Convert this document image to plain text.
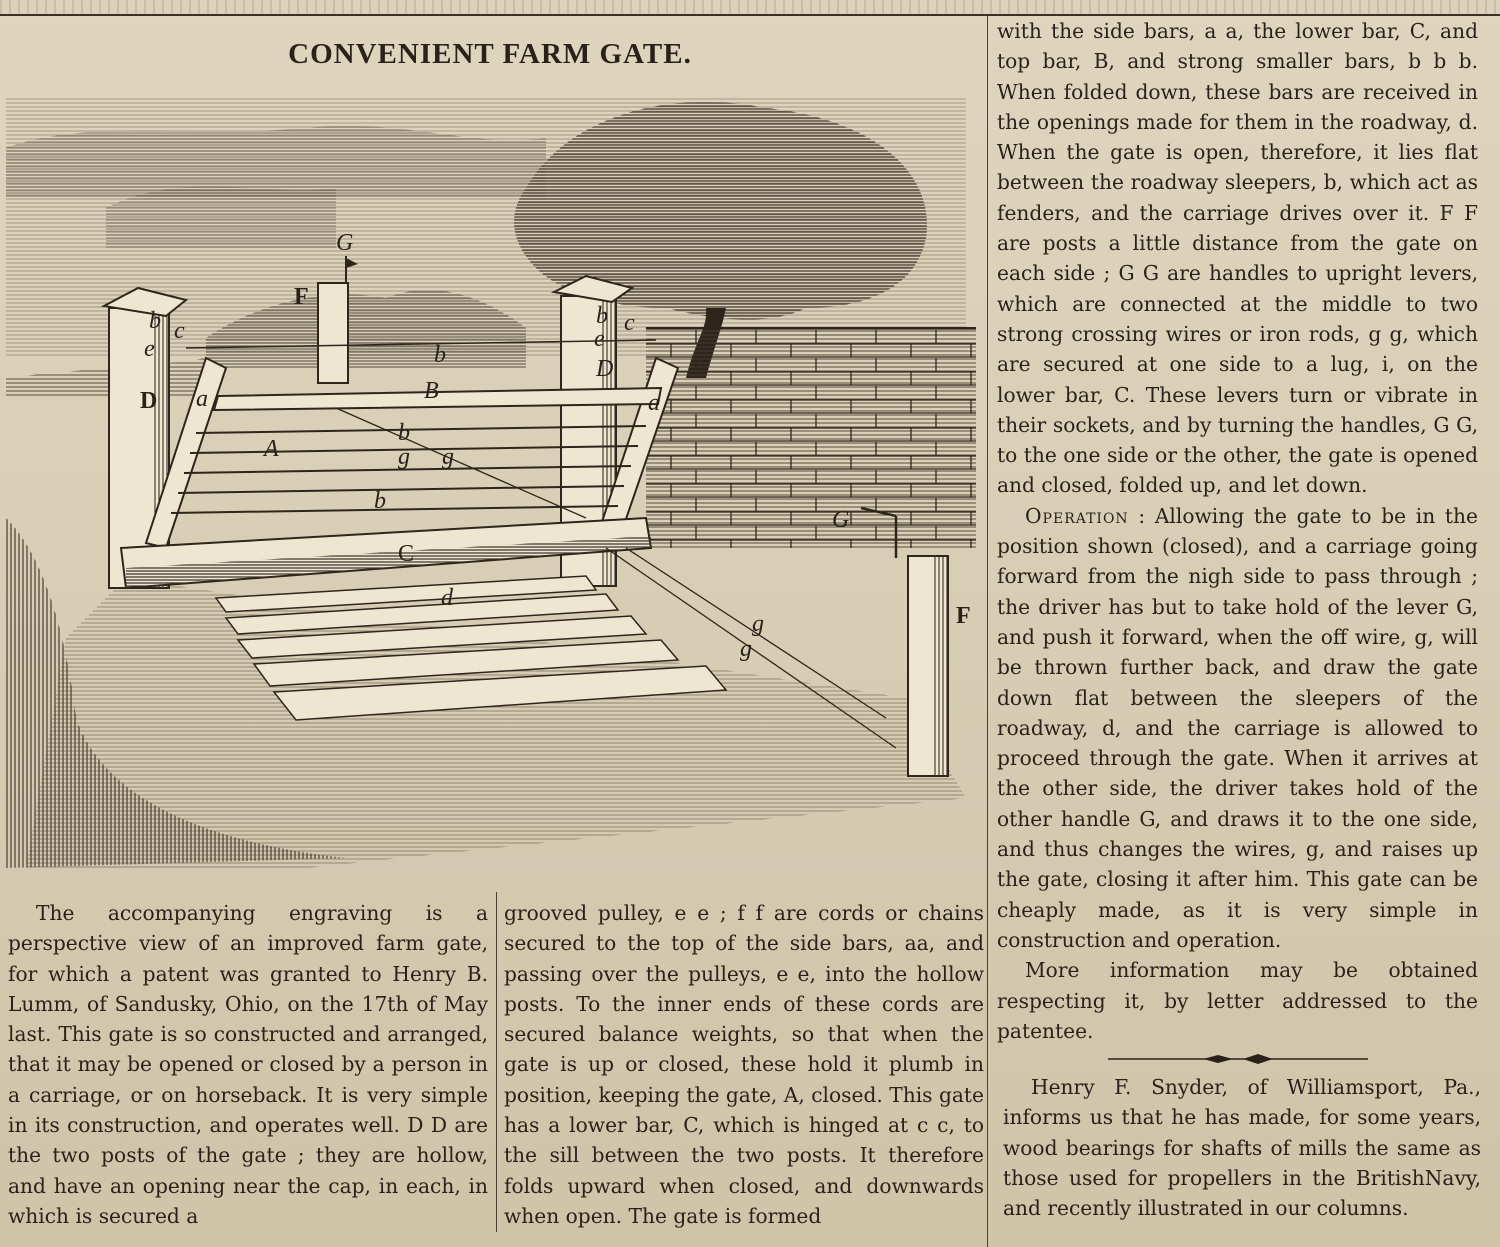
CONVENIENT FARM GATE.
G
F
b c
e
D
b c
e
D
b
B
a	a
A
b
g g
b
C
d
G
g
g
F

The accompanying engraving is a perspective view of an improved farm gate, for which a patent was granted to Henry B. Lumm, of Sandusky, Ohio, on the 17th of May last. This gate is so constructed and arranged, that it may be opened or closed by a person in a carriage, or on horseback. It is very simple in its construction, and operates well. D D are the two posts of the gate ; they are hollow, and have an opening near the cap, in each, in which is secured a

grooved pulley, e e ; f f are cords or chains secured to the top of the side bars, aa, and passing over the pulleys, e e, into the hollow posts. To the inner ends of these cords are secured balance weights, so that when the gate is up or closed, these hold it plumb in position, keeping the gate, A, closed. This gate has a lower bar, C, which is hinged at c c, to the sill between the two posts. It therefore folds upward when closed, and downwards when open. The gate is formed

with the side bars, a a, the lower bar, C, and top bar, B, and strong smaller bars, b b b. When folded down, these bars are received in the openings made for them in the roadway, d. When the gate is open, therefore, it lies flat between the roadway sleepers, b, which act as fenders, and the carriage drives over it. F F are posts a little distance from the gate on each side ; G G are handles to upright levers, which are connected at the middle to two strong crossing wires or iron rods, g g, which are secured at one side to a lug, i, on the lower bar, C. These levers turn or vibrate in their sockets, and by turning the handles, G G, to the one side or the other, the gate is opened and closed, folded up, and let down.

Operation : Allowing the gate to be in the position shown (closed), and a carriage going forward from the nigh side to pass through ; the driver has but to take hold of the lever G, and push it forward, when the off wire, g, will be thrown further back, and draw the gate down flat between the sleepers of the roadway, d, and the carriage is allowed to proceed through the gate. When it arrives at the other side, the driver takes hold of the other handle G, and draws it to the one side, and thus changes the wires, g, and raises up the gate, closing it after him. This gate can be cheaply made, as it is very simple in construction and operation.

More information may be obtained respecting it, by letter addressed to the patentee.

Henry F. Snyder, of Williamsport, Pa., informs us that he has made, for some years, wood bearings for shafts of mills the same as those used for propellers in the BritishNavy, and recently illustrated in our columns.
